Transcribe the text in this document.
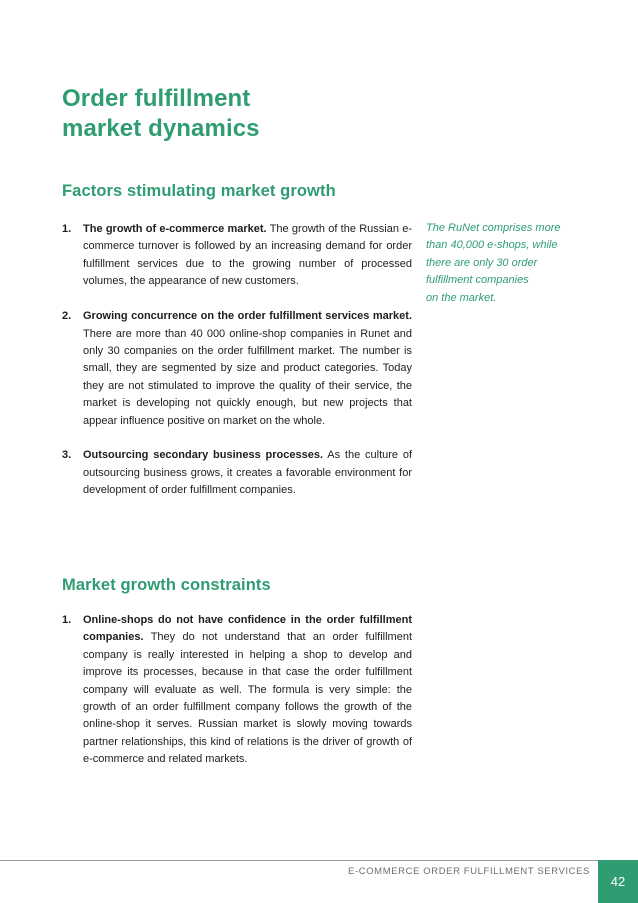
Order fulfillment
market dynamics
Factors stimulating market growth
1. The growth of e-commerce market. The growth of the Russian e-commerce turnover is followed by an increasing demand for order fulfillment services due to the growing number of processed volumes, the appearance of new customers.
2. Growing concurrence on the order fulfillment services market. There are more than 40 000 online-shop companies in Runet and only 30 companies on the order fulfillment market. The number is small, they are segmented by size and product categories. Today they are not stimulated to improve the quality of their service, the market is developing not quickly enough, but new projects that appear influence positive on market on the whole.
3. Outsourcing secondary business processes. As the culture of outsourcing business grows, it creates a favorable environment for development of order fulfillment companies.
The RuNet comprises more
than 40,000 e-shops, while
there are only 30 order
fulfillment companies
on the market.
Market growth constraints
1. Online-shops do not have confidence in the order fulfillment companies. They do not understand that an order fulfillment company is really interested in helping a shop to develop and improve its processes, because in that case the order fulfillment company will evaluate as well. The formula is very simple: the growth of an order fulfillment company follows the growth of the online-shop it serves. Russian market is slowly moving towards partner relationships, this kind of relations is the driver of growth of e-commerce and related markets.
E-COMMERCE ORDER FULFILLMENT SERVICES
42
